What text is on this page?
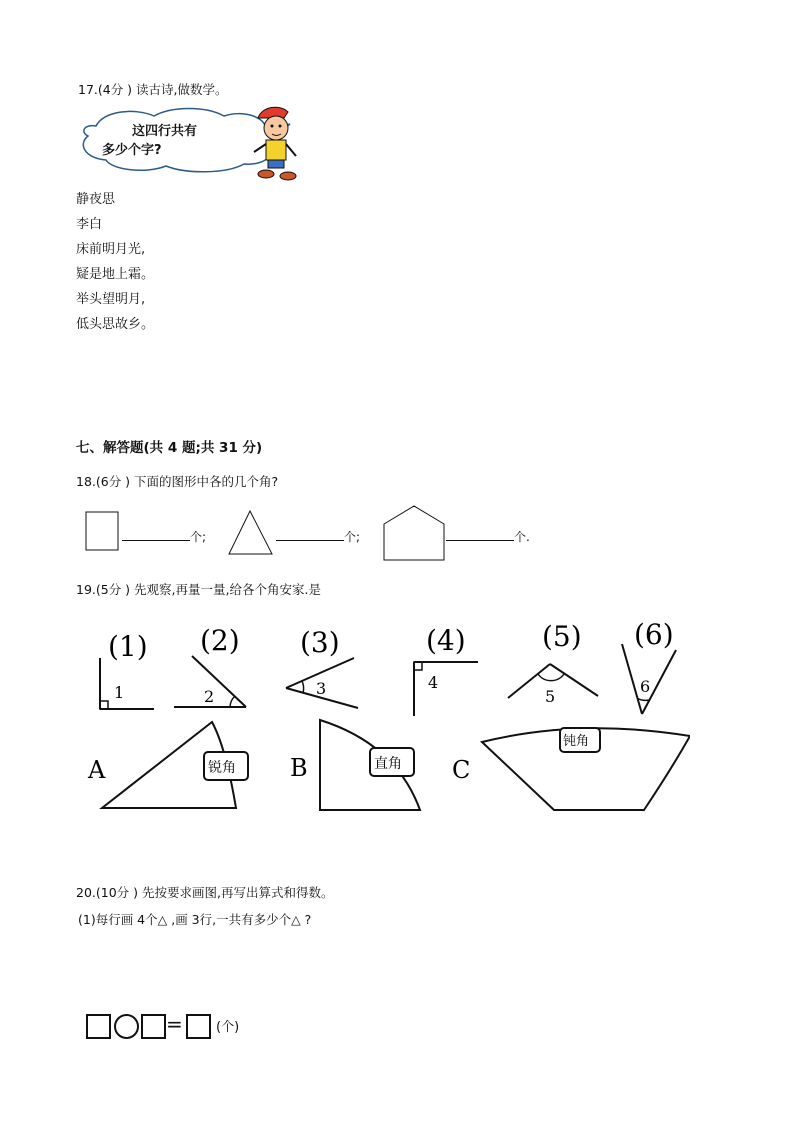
17.(4分 ) 读古诗,做数学。
这四行共有
多少个字?
静夜思
李白
床前明月光,
疑是地上霜。
举头望明月,
低头思故乡。
七、解答题(共 4 题;共 31 分)
18.(6分 ) 下面的图形中各的几个角?
个;	个;	个.
19.(5分 ) 先观察,再量一量,给各个角安家.是
(1)
1
(2)
2
(3)
3
(4)
4
(5)
5
(6)
6
A	锐角 B	直角 C
钝角
20.(10分 ) 先按要求画图,再写出算式和得数。
(1)每行画 4个△ ,画 3行,一共有多少个△ ?
=	(个)
